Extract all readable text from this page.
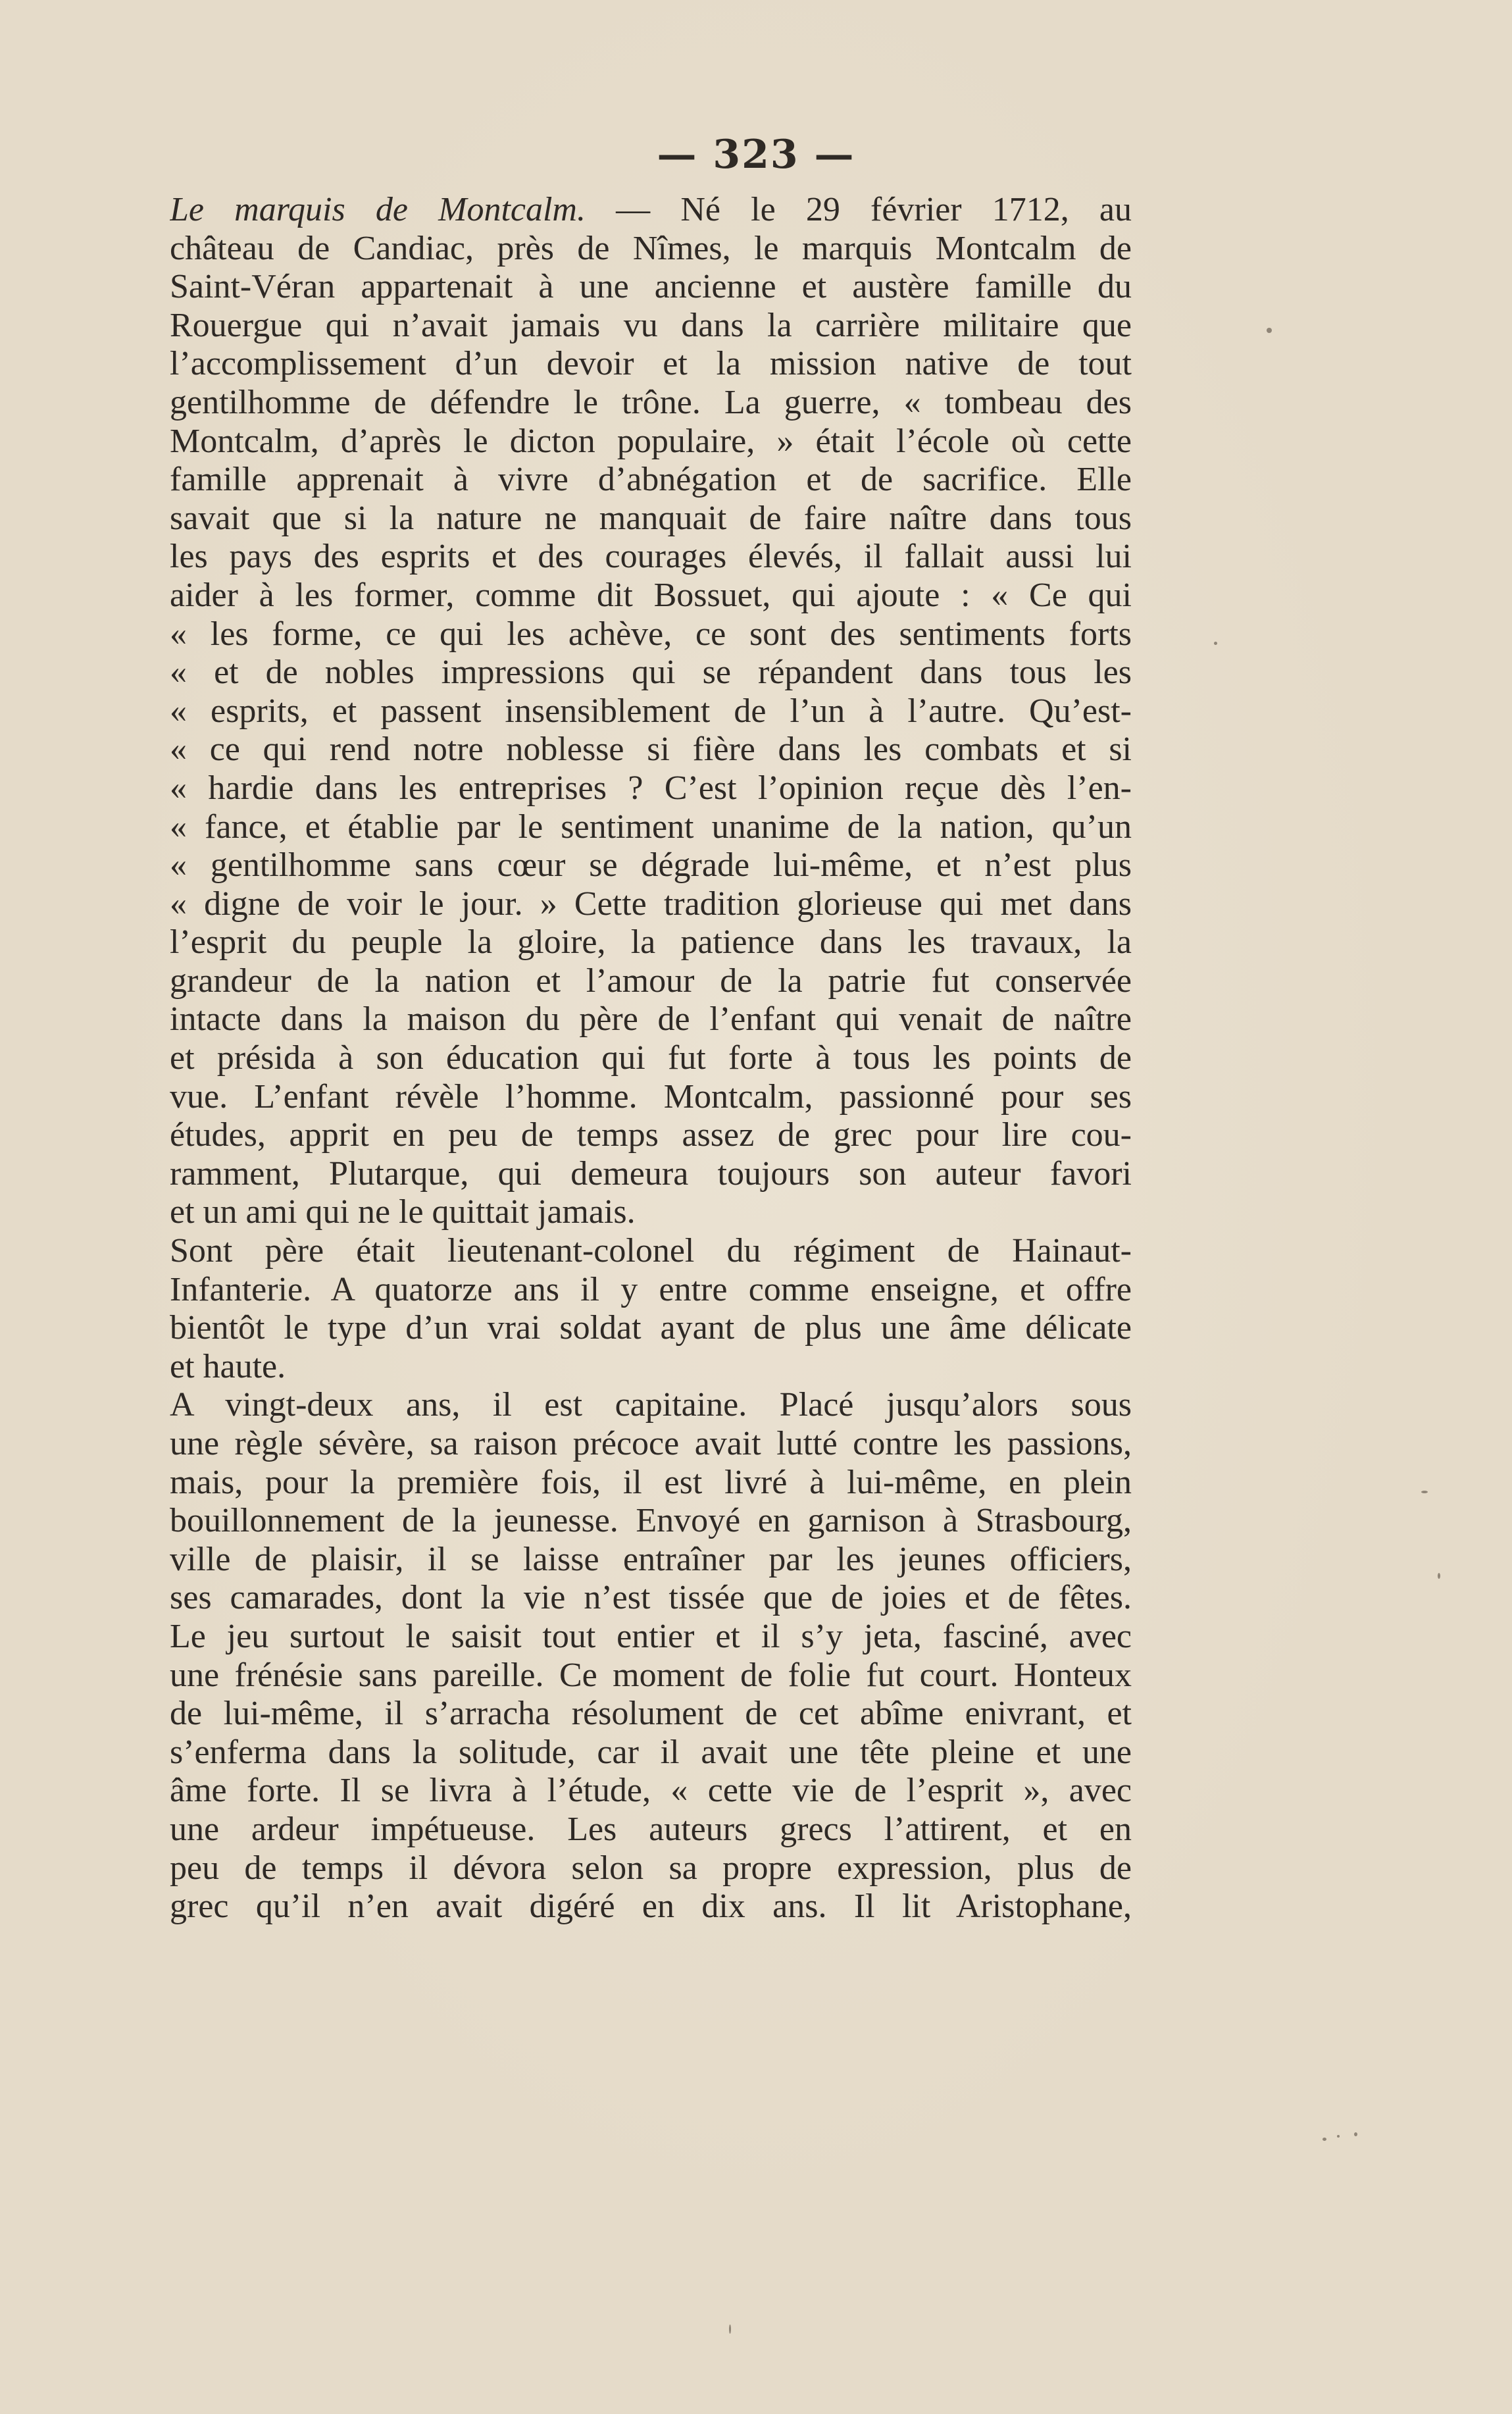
— 323 —
Le marquis de Montcalm. — Né le 29 février 1712, au
château de Candiac, près de Nîmes, le marquis Montcalm de
Saint-Véran appartenait à une ancienne et austère famille du
Rouergue qui n’avait jamais vu dans la carrière militaire que
l’accomplissement d’un devoir et la mission native de tout
gentilhomme de défendre le trône. La guerre, « tombeau des
Montcalm, d’après le dicton populaire, » était l’école où cette
famille apprenait à vivre d’abnégation et de sacrifice. Elle
savait que si la nature ne manquait de faire naître dans tous
les pays des esprits et des courages élevés, il fallait aussi lui
aider à les former, comme dit Bossuet, qui ajoute : « Ce qui
« les forme, ce qui les achève, ce sont des sentiments forts
« et de nobles impressions qui se répandent dans tous les
« esprits, et passent insensiblement de l’un à l’autre. Qu’est-
« ce qui rend notre noblesse si fière dans les combats et si
« hardie dans les entreprises ? C’est l’opinion reçue dès l’en-
« fance, et établie par le sentiment unanime de la nation, qu’un
« gentilhomme sans cœur se dégrade lui-même, et n’est plus
« digne de voir le jour. » Cette tradition glorieuse qui met dans
l’esprit du peuple la gloire, la patience dans les travaux, la
grandeur de la nation et l’amour de la patrie fut conservée
intacte dans la maison du père de l’enfant qui venait de naître
et présida à son éducation qui fut forte à tous les points de
vue. L’enfant révèle l’homme. Montcalm, passionné pour ses
études, apprit en peu de temps assez de grec pour lire cou-
ramment, Plutarque, qui demeura toujours son auteur favori
et un ami qui ne le quittait jamais.
Sont père était lieutenant-colonel du régiment de Hainaut-
Infanterie. A quatorze ans il y entre comme enseigne, et offre
bientôt le type d’un vrai soldat ayant de plus une âme délicate
et haute.
A vingt-deux ans, il est capitaine. Placé jusqu’alors sous
une règle sévère, sa raison précoce avait lutté contre les passions,
mais, pour la première fois, il est livré à lui-même, en plein
bouillonnement de la jeunesse. Envoyé en garnison à Strasbourg,
ville de plaisir, il se laisse entraîner par les jeunes officiers,
ses camarades, dont la vie n’est tissée que de joies et de fêtes.
Le jeu surtout le saisit tout entier et il s’y jeta, fasciné, avec
une frénésie sans pareille. Ce moment de folie fut court. Honteux
de lui-même, il s’arracha résolument de cet abîme enivrant, et
s’enferma dans la solitude, car il avait une tête pleine et une
âme forte. Il se livra à l’étude, « cette vie de l’esprit », avec
une ardeur impétueuse. Les auteurs grecs l’attirent, et en
peu de temps il dévora selon sa propre expression, plus de
grec qu’il n’en avait digéré en dix ans. Il lit Aristophane,
